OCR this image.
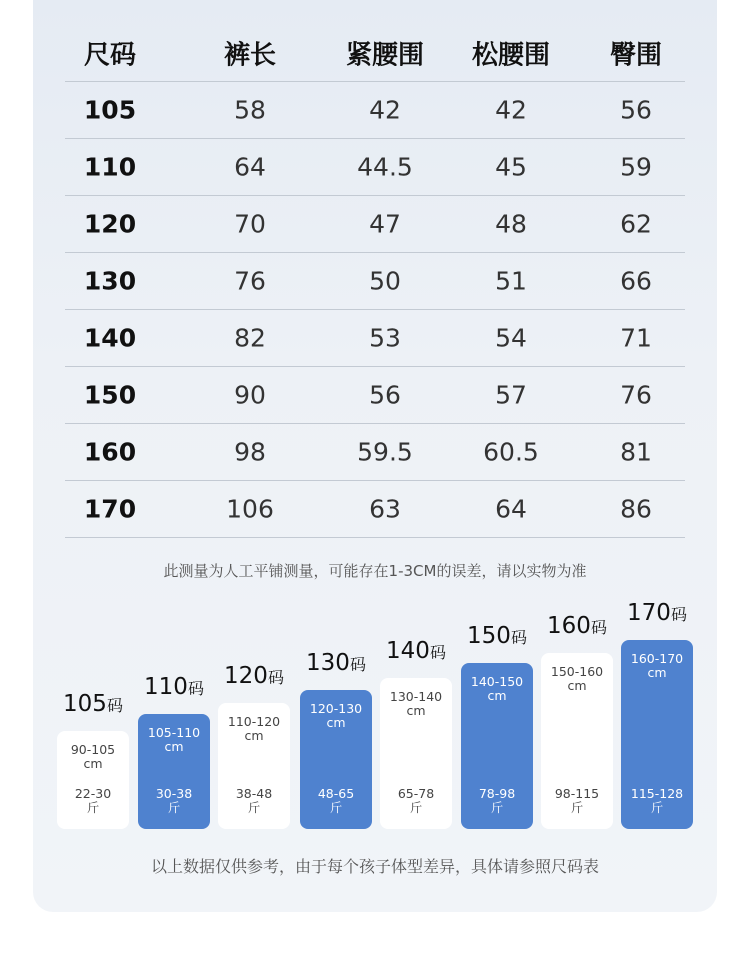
尺码	裤长	紧腰围	松腰围	臀围
105	58	42	42	56
110	64	44.5	45	59
120	70	47	48	62
130	76	50	51	66
140	82	53	54	71
150	90	56	57	76
160	98	59.5	60.5	81
170	106	63	64	86
此测量为人工平铺测量，可能存在1-3CM的误差，请以实物为准
105码
90-105
cm
22-30
斤
110码
105-110
cm
30-38
斤
120码
110-120
cm
38-48
斤
130码
120-130
cm
48-65
斤
140码
130-140
cm
65-78
斤
150码
140-150
cm
78-98
斤
160码
150-160
cm
98-115
斤
170码
160-170
cm
115-128
斤
以上数据仅供参考，由于每个孩子体型差异，具体请参照尺码表
